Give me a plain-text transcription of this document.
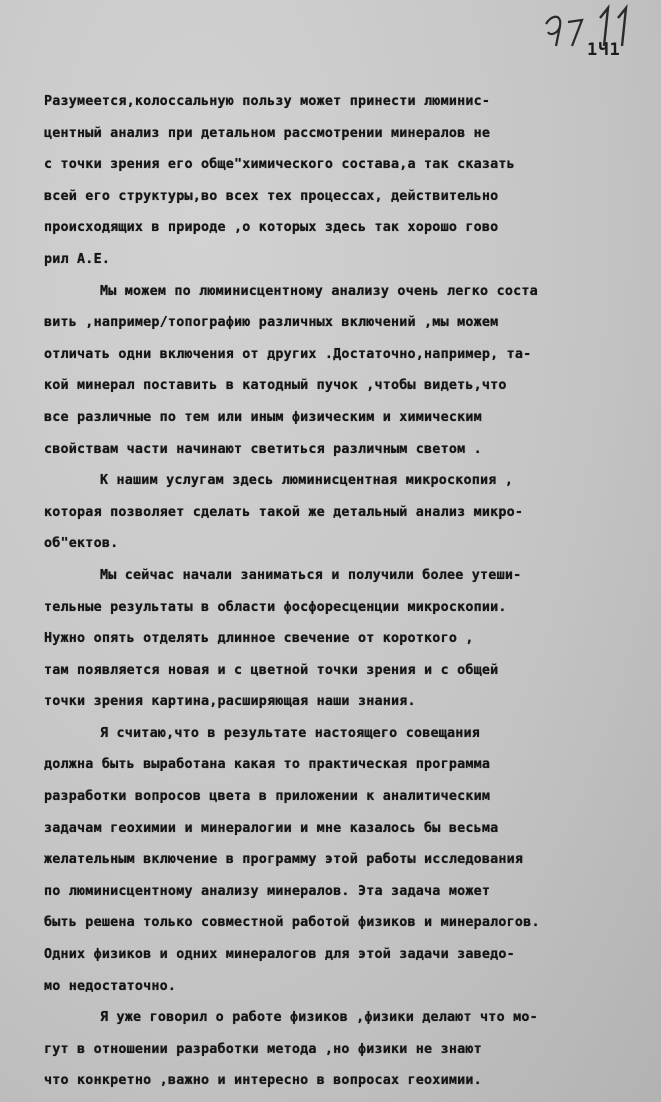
1Ч1
Разумеется,колоссальную пользу может принести люминис-
центный анализ при детальном рассмотрении минералов не
с точки зрения его обще"химического состава,а так сказать
всей его структуры,во всех тех процессах, действительно
происходящих в природе ,о которых здесь так хорошо гово
рил А.Е.
Мы можем по люминисцентному анализу очень легко соста
вить ,например/топографию различных включений ,мы можем
отличать одни включения от других .Достаточно,например, та-
кой минерал поставить в катодный пучок ,чтобы видеть,что
все различные по тем или иным физическим и химическим
свойствам части начинают светиться различным светом .
К нашим услугам здесь люминисцентная микроскопия ,
которая позволяет сделать такой же детальный анализ микро-
об"ектов.
Мы сейчас начали заниматься и получили более утеши-
тельные результаты в области фосфоресценции микроскопии.
Нужно опять отделять длинное свечение от короткого ,
там появляется новая и с цветной точки зрения и с общей
точки зрения картина,расширяющая наши знания.
Я считаю,что в результате настоящего совещания
должна быть выработана какая то практическая программа
разработки вопросов цвета в приложении к аналитическим
задачам геохимии и минералогии и мне казалось бы весьма
желательным включение в программу этой работы исследования
по люминисцентному анализу минералов. Эта задача может
быть решена только совместной работой физиков и минералогов.
Одних физиков и одних минералогов для этой задачи заведо-
мо недостаточно.
Я уже говорил о работе физиков ,физики делают что мо-
гут в отношении разработки метода ,но физики не знают
что конкретно ,важно и интересно в вопросах геохимии.
